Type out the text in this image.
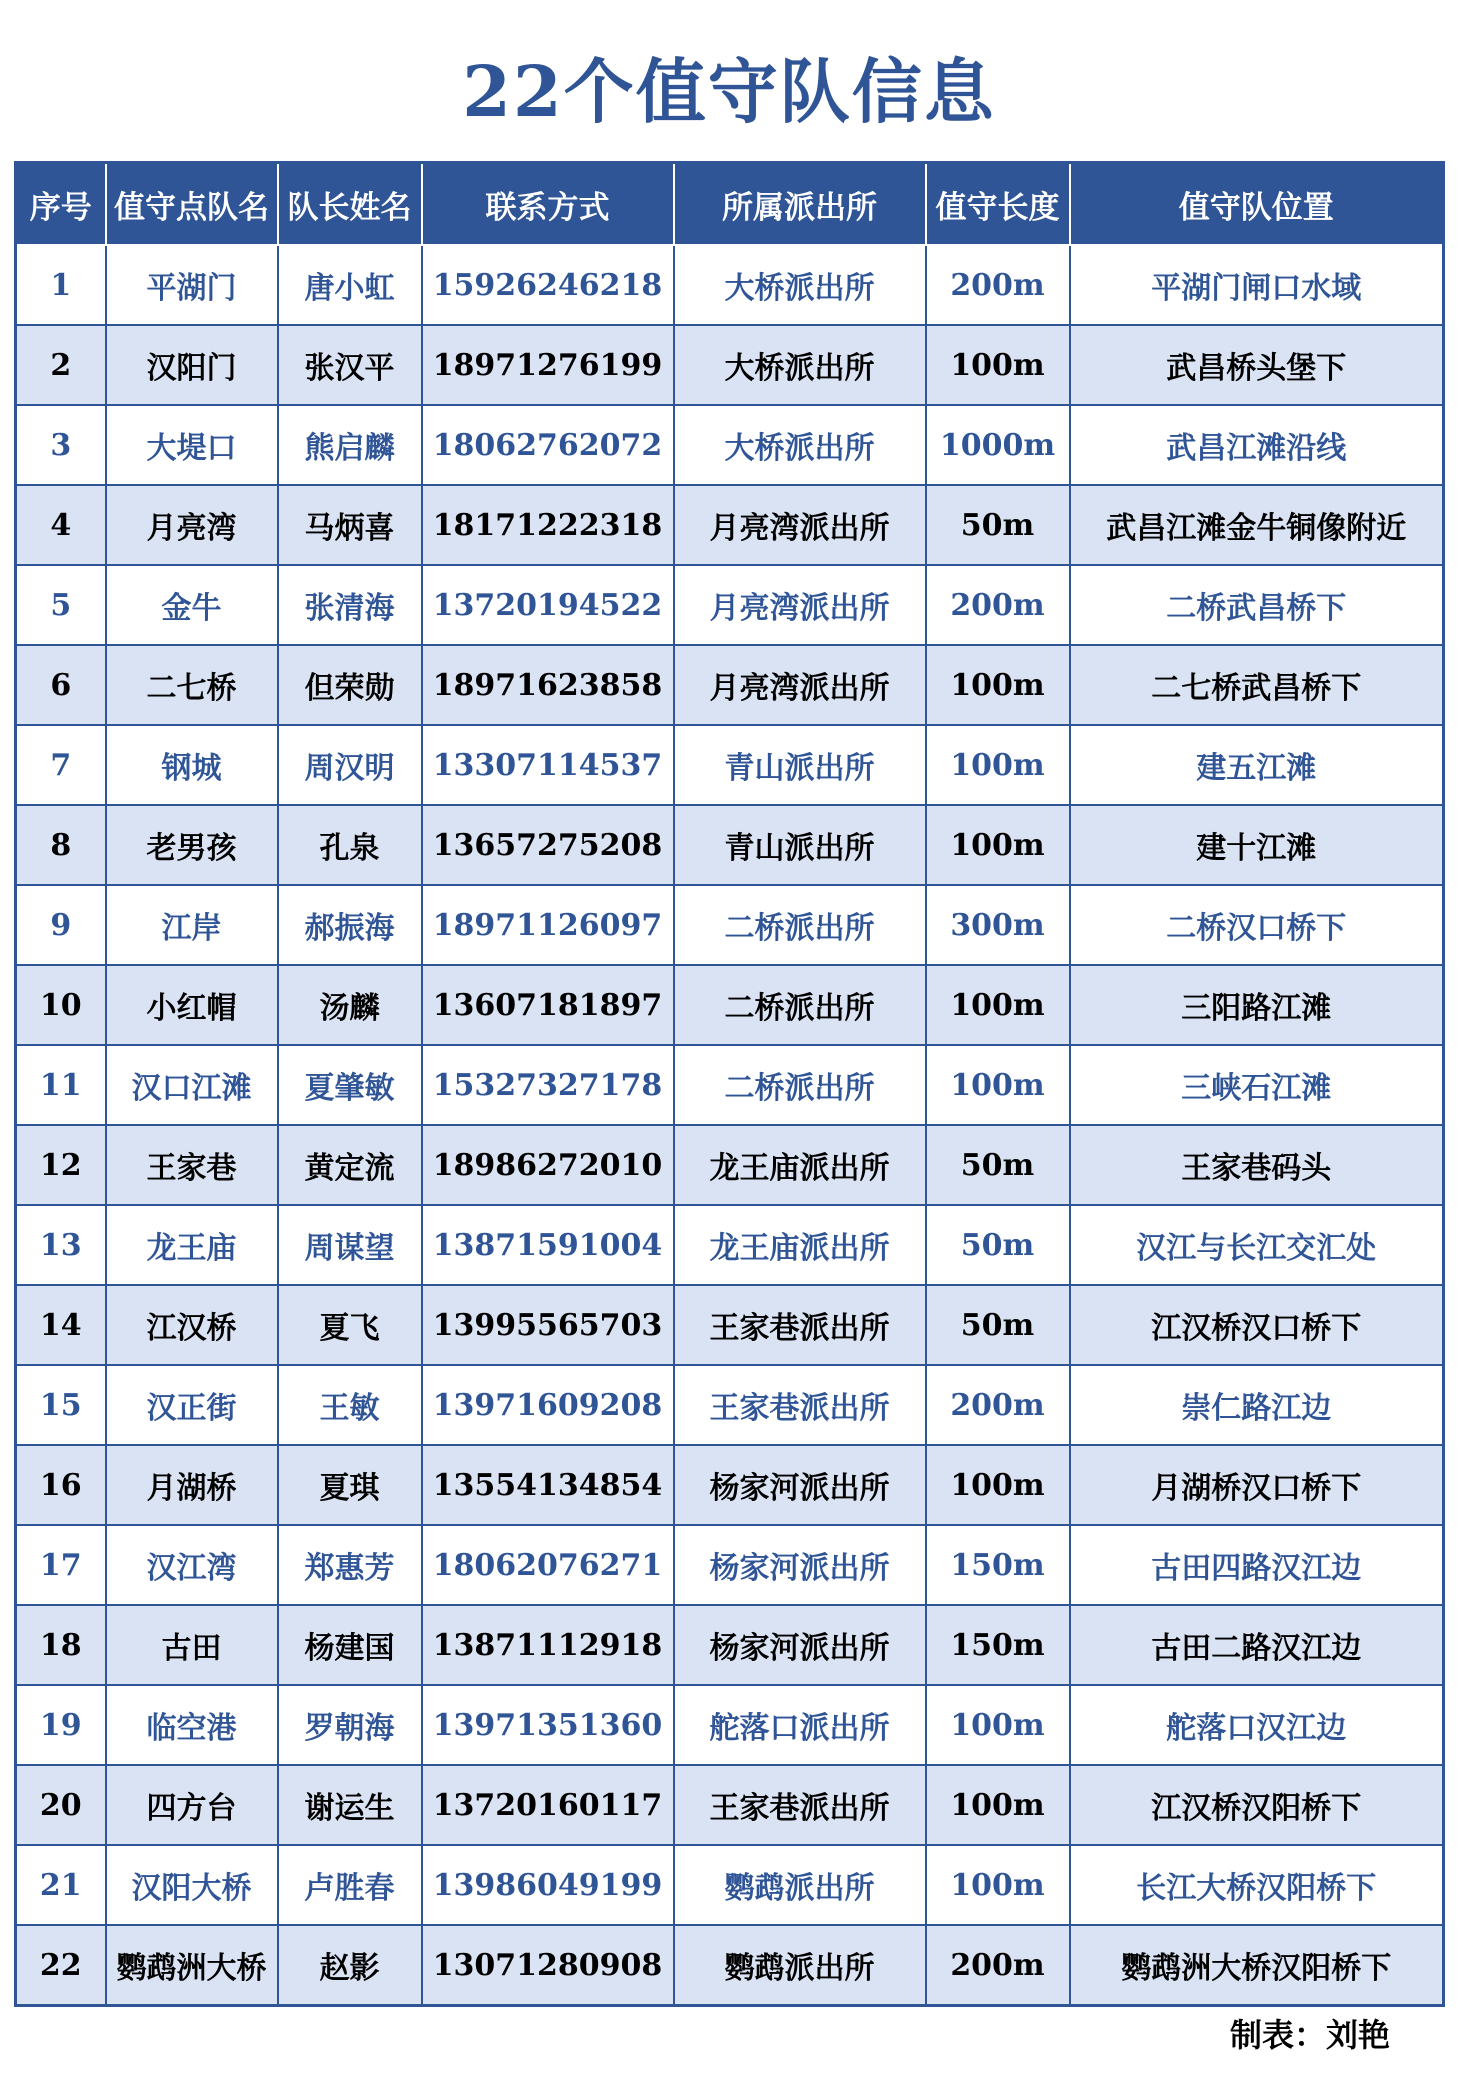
22个值守队信息
序号	值守点队名	队长姓名	联系方式	所属派出所	值守长度	值守队位置
1	平湖门	唐小虹	15926246218	大桥派出所	200m	平湖门闸口水域
2	汉阳门	张汉平	18971276199	大桥派出所	100m	武昌桥头堡下
3	大堤口	熊启麟	18062762072	大桥派出所	1000m	武昌江滩沿线
4	月亮湾	马炳喜	18171222318	月亮湾派出所	50m	武昌江滩金牛铜像附近
5	金牛	张清海	13720194522	月亮湾派出所	200m	二桥武昌桥下
6	二七桥	但荣勋	18971623858	月亮湾派出所	100m	二七桥武昌桥下
7	钢城	周汉明	13307114537	青山派出所	100m	建五江滩
8	老男孩	孔泉	13657275208	青山派出所	100m	建十江滩
9	江岸	郝振海	18971126097	二桥派出所	300m	二桥汉口桥下
10	小红帽	汤麟	13607181897	二桥派出所	100m	三阳路江滩
11	汉口江滩	夏肇敏	15327327178	二桥派出所	100m	三峡石江滩
12	王家巷	黄定流	18986272010	龙王庙派出所	50m	王家巷码头
13	龙王庙	周谋望	13871591004	龙王庙派出所	50m	汉江与长江交汇处
14	江汉桥	夏飞	13995565703	王家巷派出所	50m	江汉桥汉口桥下
15	汉正街	王敏	13971609208	王家巷派出所	200m	崇仁路江边
16	月湖桥	夏琪	13554134854	杨家河派出所	100m	月湖桥汉口桥下
17	汉江湾	郑惠芳	18062076271	杨家河派出所	150m	古田四路汉江边
18	古田	杨建国	13871112918	杨家河派出所	150m	古田二路汉江边
19	临空港	罗朝海	13971351360	舵落口派出所	100m	舵落口汉江边
20	四方台	谢运生	13720160117	王家巷派出所	100m	江汉桥汉阳桥下
21	汉阳大桥	卢胜春	13986049199	鹦鹉派出所	100m	长江大桥汉阳桥下
22	鹦鹉洲大桥	赵影	13071280908	鹦鹉派出所	200m	鹦鹉洲大桥汉阳桥下
制表：刘艳
